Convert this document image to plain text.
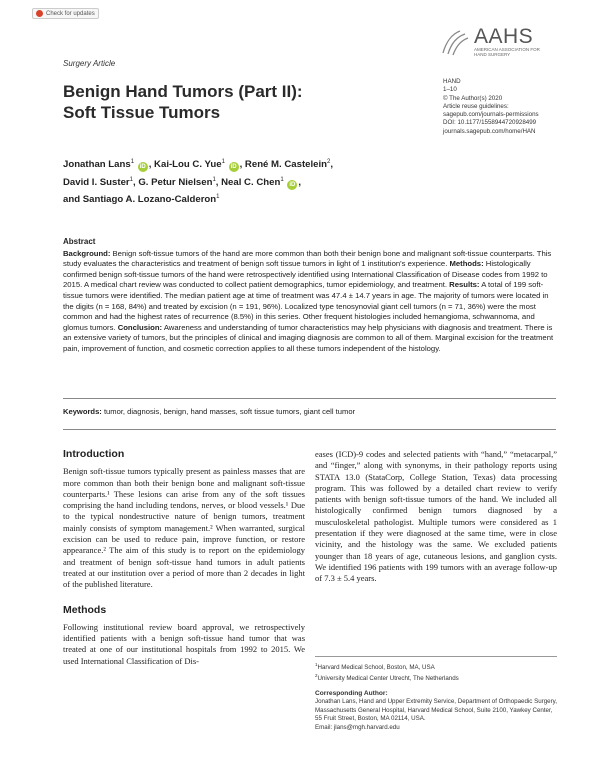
Check for updates
AAHS
AMERICAN ASSOCIATION FOR HAND SURGERY
HAND
1–10
© The Author(s) 2020
Article reuse guidelines:
sagepub.com/journals-permissions
DOI: 10.1177/1558944720928499
journals.sagepub.com/home/HAN
Surgery Article
Benign Hand Tumors (Part II):
Soft Tissue Tumors
Jonathan Lans$^1$ iD , Kai-Lou C. Yue$^1$ iD , René M. Castelein$^2$,
David I. Suster$^1$, G. Petur Nielsen$^1$, Neal C. Chen$^1$ iD ,
and Santiago A. Lozano-Calderon$^1$
Abstract
Background: Benign soft-tissue tumors of the hand are more common than both their benign bone and malignant soft-tissue counterparts. This study evaluates the characteristics and treatment of benign soft tissue tumors in light of 1 institution's experience. Methods: Histologically confirmed benign soft-tissue tumors of the hand were retrospectively identified using International Classification of Disease codes from 1992 to 2015. A medical chart review was conducted to collect patient demographics, tumor epidemiology, and treatment. Results: A total of 199 soft-tissue tumors were identified. The median patient age at time of treatment was 47.4 ± 14.7 years in age. The majority of tumors were located in the digits (n = 168, 84%) and treated by excision (n = 191, 96%). Localized type tenosynovial giant cell tumors (n = 71, 36%) were the most common and had the highest rates of recurrence (8.5%) in this series. Other frequent histologies included hemangioma, schwannoma, and glomus tumors. Conclusion: Awareness and understanding of tumor characteristics may help physicians with diagnosis and treatment. There is an extensive variety of tumors, but the principles of clinical and imaging diagnosis are common to all of them. Marginal excision for the treatment pain, improvement of function, and cosmetic correction applies to all these tumors independent of the histology.
Keywords: tumor, diagnosis, benign, hand masses, soft tissue tumors, giant cell tumor
Introduction
Benign soft-tissue tumors typically present as painless masses that are more common than both their benign bone and malignant soft-tissue counterparts.¹ These lesions can arise from any of the soft tissues comprising the hand including tendons, nerves, or blood vessels.¹ Due to the typical nondestructive nature of benign tumors, treatment mainly consists of symptom management.² When warranted, surgical excision can be used to reduce pain, improve function, or restore appearance.² The aim of this study is to report on the epidemiology and treatment of benign soft-tissue hand tumors in adult patients treated at our institution over a period of more than 2 decades in light of the published literature.
Methods
Following institutional review board approval, we retrospectively identified patients with a benign soft-tissue hand tumor that was treated at one of our institutional hospitals from 1992 to 2015. We used International Classification of Dis-
eases (ICD)-9 codes and selected patients with “hand,” “metacarpal,” and “finger,” along with synonyms, in their pathology reports using STATA 13.0 (StataCorp, College Station, Texas) data processing program. This was followed by a detailed chart review to verify patients with benign soft-tissue tumors of the hand. We included all histologically confirmed benign tumors diagnosed by a musculoskeletal pathologist. Multiple tumors were considered as 1 presentation if they were diagnosed at the same time, were in close vicinity, and the histology was the same. We excluded patients younger than 18 years of age, cutaneous lesions, and ganglion cysts. We identified 196 patients with 199 tumors with an average follow-up of 7.3 ± 5.4 years.
$^1$Harvard Medical School, Boston, MA, USA
$^2$University Medical Center Utrecht, The Netherlands
Corresponding Author:
Jonathan Lans, Hand and Upper Extremity Service, Department of Orthopaedic Surgery, Massachusetts General Hospital, Harvard Medical School, Suite 2100, Yawkey Center, 55 Fruit Street, Boston, MA 02114, USA.
Email: jlans@mgh.harvard.edu
